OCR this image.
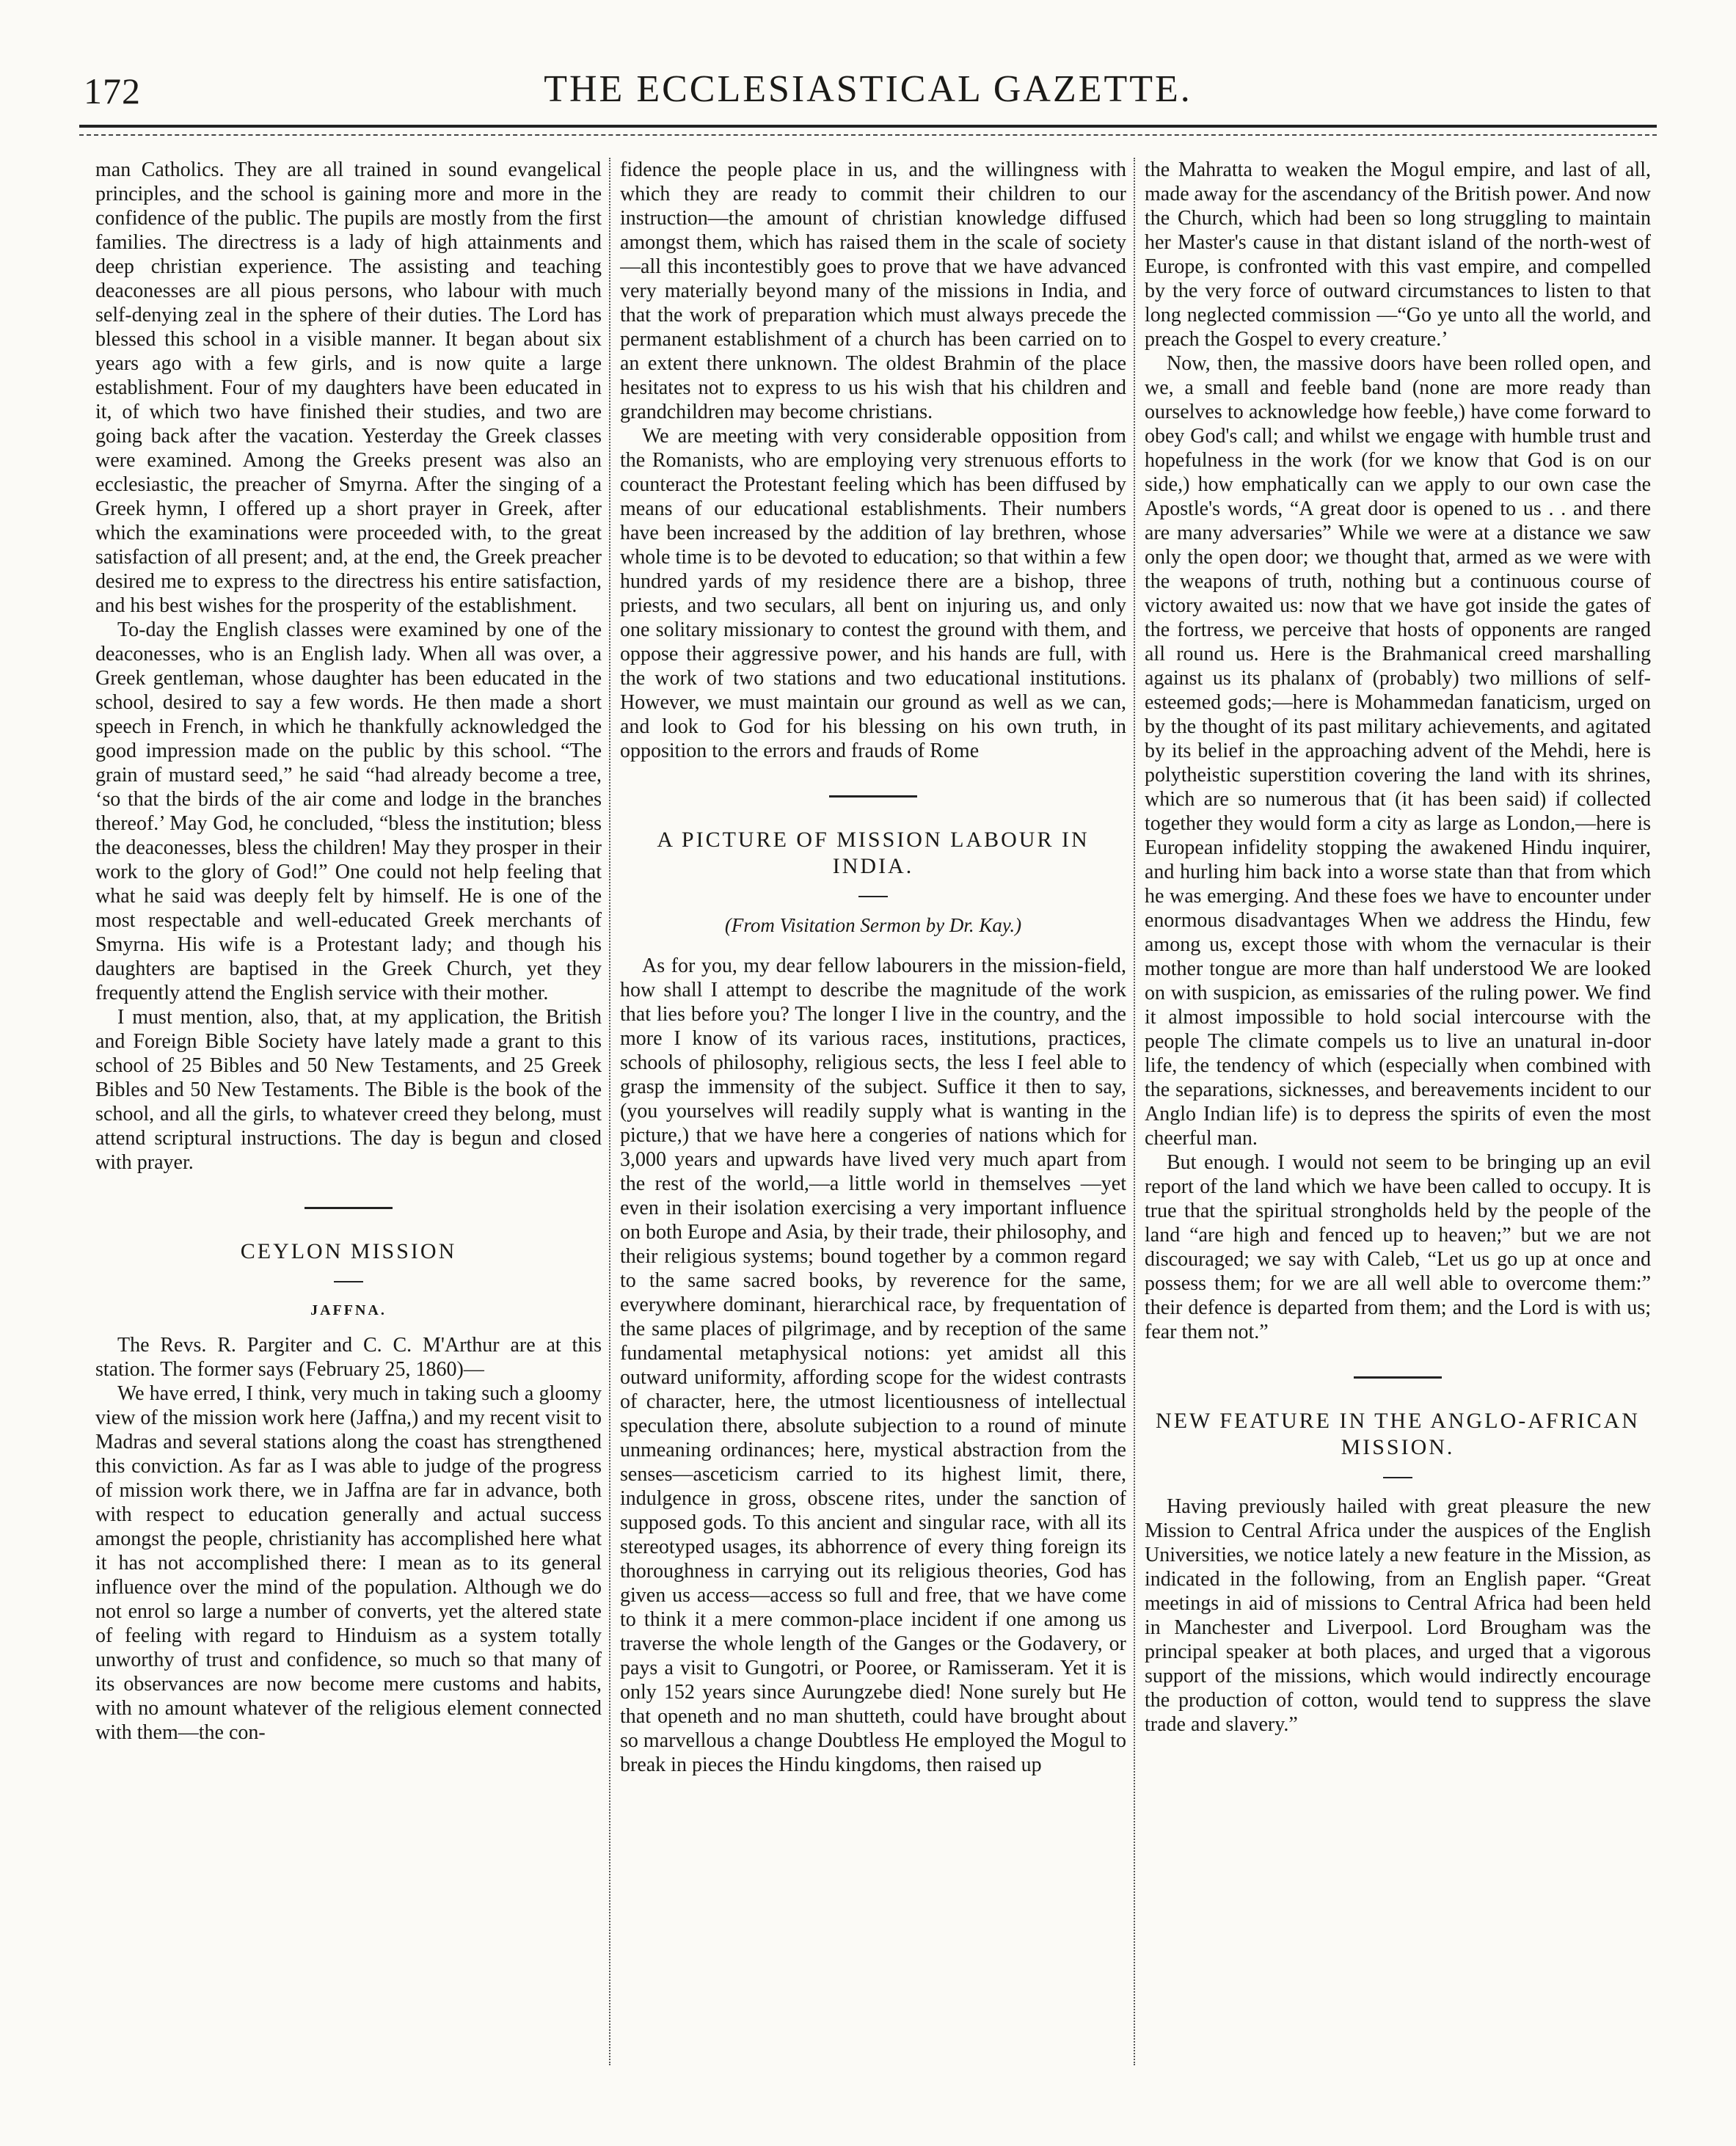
172	THE ECCLESIASTICAL GAZETTE.

man Catholics. They are all trained in sound evangelical principles, and the school is gaining more and more in the confidence of the public. The pupils are mostly from the first families. The directress is a lady of high attainments and deep christian experience. The assisting and teaching deaconesses are all pious persons, who labour with much self-denying zeal in the sphere of their duties. The Lord has blessed this school in a visible manner. It began about six years ago with a few girls, and is now quite a large establishment. Four of my daughters have been educated in it, of which two have finished their studies, and two are going back after the vacation. Yesterday the Greek classes were examined. Among the Greeks present was also an ecclesiastic, the preacher of Smyrna. After the singing of a Greek hymn, I offered up a short prayer in Greek, after which the examinations were proceeded with, to the great satisfaction of all present; and, at the end, the Greek preacher desired me to express to the directress his entire satisfaction, and his best wishes for the prosperity of the establishment.

To-day the English classes were examined by one of the deaconesses, who is an English lady. When all was over, a Greek gentleman, whose daughter has been educated in the school, desired to say a few words. He then made a short speech in French, in which he thankfully acknowledged the good impression made on the public by this school. “The grain of mustard seed,” he said “had already become a tree, ‘so that the birds of the air come and lodge in the branches thereof.’ May God, he concluded, “bless the institution; bless the deaconesses, bless the children! May they prosper in their work to the glory of God!” One could not help feeling that what he said was deeply felt by himself. He is one of the most respectable and well-educated Greek merchants of Smyrna. His wife is a Protestant lady; and though his daughters are baptised in the Greek Church, yet they frequently attend the English service with their mother.

I must mention, also, that, at my application, the British and Foreign Bible Society have lately made a grant to this school of 25 Bibles and 50 New Testaments, and 25 Greek Bibles and 50 New Testaments. The Bible is the book of the school, and all the girls, to whatever creed they belong, must attend scriptural instructions. The day is begun and closed with prayer.

CEYLON MISSION
JAFFNA.

The Revs. R. Pargiter and C. C. M'Arthur are at this station. The former says (February 25, 1860)—

We have erred, I think, very much in taking such a gloomy view of the mission work here (Jaffna,) and my recent visit to Madras and several stations along the coast has strengthened this conviction. As far as I was able to judge of the progress of mission work there, we in Jaffna are far in advance, both with respect to education generally and actual success amongst the people, christianity has accomplished here what it has not accomplished there: I mean as to its general influence over the mind of the population. Although we do not enrol so large a number of converts, yet the altered state of feeling with regard to Hinduism as a system totally unworthy of trust and confidence, so much so that many of its observances are now become mere customs and habits, with no amount whatever of the religious element connected with them—the con-

fidence the people place in us, and the willingness with which they are ready to commit their children to our instruction—the amount of christian knowledge diffused amongst them, which has raised them in the scale of society—all this incontestibly goes to prove that we have advanced very materially beyond many of the missions in India, and that the work of preparation which must always precede the permanent establishment of a church has been carried on to an extent there unknown. The oldest Brahmin of the place hesitates not to express to us his wish that his children and grandchildren may become christians.

We are meeting with very considerable opposition from the Romanists, who are employing very strenuous efforts to counteract the Protestant feeling which has been diffused by means of our educational establishments. Their numbers have been increased by the addition of lay brethren, whose whole time is to be devoted to education; so that within a few hundred yards of my residence there are a bishop, three priests, and two seculars, all bent on injuring us, and only one solitary missionary to contest the ground with them, and oppose their aggressive power, and his hands are full, with the work of two stations and two educational institutions. However, we must maintain our ground as well as we can, and look to God for his blessing on his own truth, in opposition to the errors and frauds of Rome

A PICTURE OF MISSION LABOUR IN INDIA.
(From Visitation Sermon by Dr. Kay.)

As for you, my dear fellow labourers in the mission-field, how shall I attempt to describe the magnitude of the work that lies before you? The longer I live in the country, and the more I know of its various races, institutions, practices, schools of philosophy, religious sects, the less I feel able to grasp the immensity of the subject. Suffice it then to say, (you yourselves will readily supply what is wanting in the picture,) that we have here a congeries of nations which for 3,000 years and upwards have lived very much apart from the rest of the world,—a little world in themselves —yet even in their isolation exercising a very important influence on both Europe and Asia, by their trade, their philosophy, and their religious systems; bound together by a common regard to the same sacred books, by reverence for the same, everywhere dominant, hierarchical race, by frequentation of the same places of pilgrimage, and by reception of the same fundamental metaphysical notions: yet amidst all this outward uniformity, affording scope for the widest contrasts of character, here, the utmost licentiousness of intellectual speculation there, absolute subjection to a round of minute unmeaning ordinances; here, mystical abstraction from the senses—asceticism carried to its highest limit, there, indulgence in gross, obscene rites, under the sanction of supposed gods. To this ancient and singular race, with all its stereotyped usages, its abhorrence of every thing foreign its thoroughness in carrying out its religious theories, God has given us access—access so full and free, that we have come to think it a mere common-place incident if one among us traverse the whole length of the Ganges or the Godavery, or pays a visit to Gungotri, or Pooree, or Ramisseram. Yet it is only 152 years since Aurungzebe died! None surely but He that openeth and no man shutteth, could have brought about so marvellous a change Doubtless He employed the Mogul to break in pieces the Hindu kingdoms, then raised up

the Mahratta to weaken the Mogul empire, and last of all, made away for the ascendancy of the British power. And now the Church, which had been so long struggling to maintain her Master's cause in that distant island of the north-west of Europe, is confronted with this vast empire, and compelled by the very force of outward circumstances to listen to that long neglected commission —“Go ye unto all the world, and preach the Gospel to every creature.’

Now, then, the massive doors have been rolled open, and we, a small and feeble band (none are more ready than ourselves to acknowledge how feeble,) have come forward to obey God's call; and whilst we engage with humble trust and hopefulness in the work (for we know that God is on our side,) how emphatically can we apply to our own case the Apostle's words, “A great door is opened to us . . and there are many adversaries” While we were at a distance we saw only the open door; we thought that, armed as we were with the weapons of truth, nothing but a continuous course of victory awaited us: now that we have got inside the gates of the fortress, we perceive that hosts of opponents are ranged all round us. Here is the Brahmanical creed marshalling against us its phalanx of (probably) two millions of self-esteemed gods;—here is Mohammedan fanaticism, urged on by the thought of its past military achievements, and agitated by its belief in the approaching advent of the Mehdi, here is polytheistic superstition covering the land with its shrines, which are so numerous that (it has been said) if collected together they would form a city as large as London,—here is European infidelity stopping the awakened Hindu inquirer, and hurling him back into a worse state than that from which he was emerging. And these foes we have to encounter under enormous disadvantages When we address the Hindu, few among us, except those with whom the vernacular is their mother tongue are more than half understood We are looked on with suspicion, as emissaries of the ruling power. We find it almost impossible to hold social intercourse with the people The climate compels us to live an unatural in-door life, the tendency of which (especially when combined with the separations, sicknesses, and bereavements incident to our Anglo Indian life) is to depress the spirits of even the most cheerful man.

But enough. I would not seem to be bringing up an evil report of the land which we have been called to occupy. It is true that the spiritual strongholds held by the people of the land “are high and fenced up to heaven;” but we are not discouraged; we say with Caleb, “Let us go up at once and possess them; for we are all well able to overcome them:” their defence is departed from them; and the Lord is with us; fear them not.”

NEW FEATURE IN THE ANGLO-AFRICAN MISSION.

Having previously hailed with great pleasure the new Mission to Central Africa under the auspices of the English Universities, we notice lately a new feature in the Mission, as indicated in the following, from an English paper. “Great meetings in aid of missions to Central Africa had been held in Manchester and Liverpool. Lord Brougham was the principal speaker at both places, and urged that a vigorous support of the missions, which would indirectly encourage the production of cotton, would tend to suppress the slave trade and slavery.”
